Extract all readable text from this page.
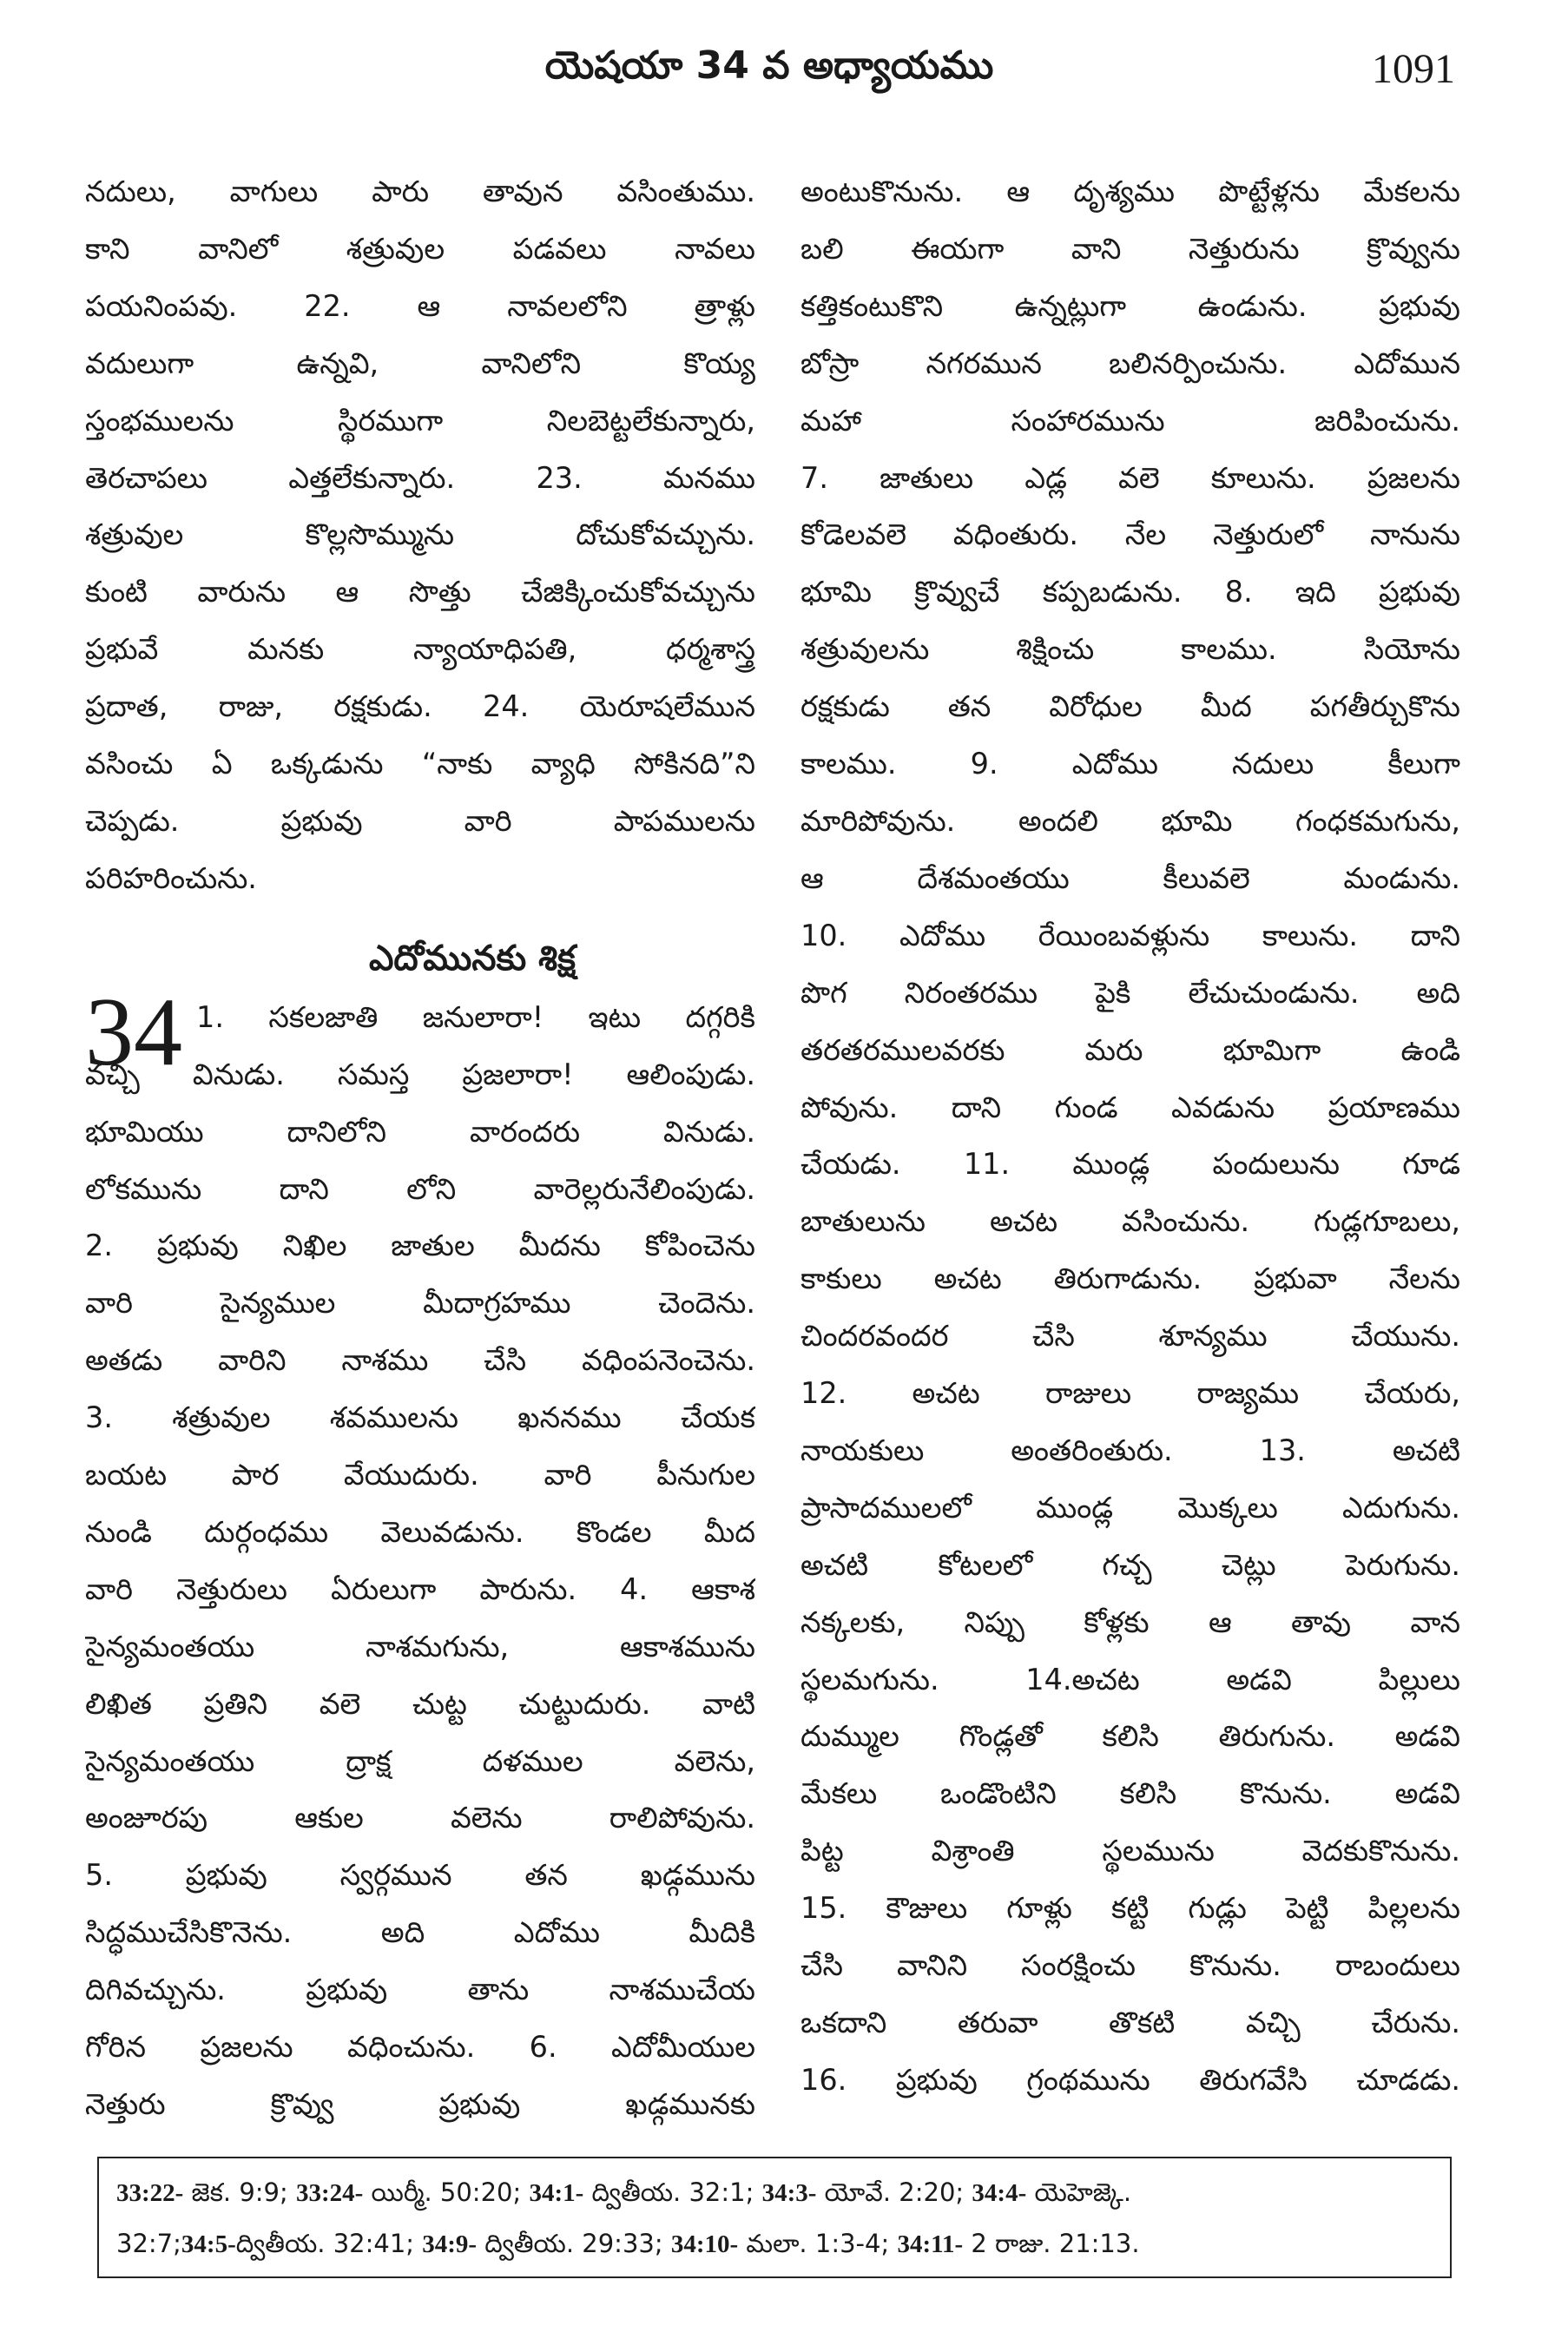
యెషయా 34 వ అధ్యాయము	1091
నదులు, వాగులు పారు తావున వసింతుము.
కాని వానిలో శత్రువుల పడవలు నావలు
పయనింపవు. 22. ఆ నావలలోని త్రాళ్లు
వదులుగా ఉన్నవి, వానిలోని కొయ్య
స్తంభములను స్థిరముగా నిలబెట్టలేకున్నారు,
తెరచాపలు ఎత్తలేకున్నారు. 23. మనము
శత్రువుల కొల్లసొమ్మును దోచుకోవచ్చును.
కుంటి వారును ఆ సొత్తు చేజిక్కించుకోవచ్చును
ప్రభువే మనకు న్యాయాధిపతి, ధర్మశాస్త్ర
ప్రదాత, రాజు, రక్షకుడు. 24. యెరూషలేమున
వసించు ఏ ఒక్కడును “నాకు వ్యాధి సోకినది”ని
చెప్పడు. ప్రభువు వారి పాపములను
పరిహరించును.
ఎదోమునకు శిక్ష
34 1. సకలజాతి జనులారా! ఇటు దగ్గరికి
వచ్చి వినుడు. సమస్త ప్రజలారా! ఆలింపుడు.
భూమియు దానిలోని వారందరు వినుడు.
లోకమును దాని లోని వారెల్లరునేలింపుడు.
2. ప్రభువు నిఖిల జాతుల మీదను కోపించెను
వారి సైన్యముల మీదాగ్రహము చెందెను.
అతడు వారిని నాశము చేసి వధింపనెంచెను.
3. శత్రువుల శవములను ఖననము చేయక
బయట పార వేయుదురు. వారి పీనుగుల
నుండి దుర్గంధము వెలువడును. కొండల మీద
వారి నెత్తురులు ఏరులుగా పారును. 4. ఆకాశ
సైన్యమంతయు నాశమగును, ఆకాశమును
లిఖిత ప్రతిని వలె చుట్ట చుట్టుదురు. వాటి
సైన్యమంతయు ద్రాక్ష దళముల వలెను,
అంజూరపు ఆకుల వలెను రాలిపోవును.
5. ప్రభువు స్వర్గమున తన ఖడ్గమును
సిద్ధముచేసికొనెను. అది ఎదోము మీదికి
దిగివచ్చును. ప్రభువు తాను నాశముచేయ
గోరిన ప్రజలను వధించును. 6. ఎదోమీయుల
నెత్తురు క్రొవ్వు ప్రభువు ఖడ్గమునకు
అంటుకొనును. ఆ దృశ్యము పొట్టేళ్లను మేకలను
బలి ఈయగా వాని నెత్తురును క్రొవ్వును
కత్తికంటుకొని ఉన్నట్లుగా ఉండును. ప్రభువు
బోస్రా నగరమున బలినర్పించును. ఎదోమున
మహా సంహారమును జరిపించును.
7. జాతులు ఎడ్ల వలె కూలును. ప్రజలను
కోడెలవలె వధింతురు. నేల నెత్తురులో నానును
భూమి క్రొవ్వుచే కప్పబడును. 8. ఇది ప్రభువు
శత్రువులను శిక్షించు కాలము. సియోను
రక్షకుడు తన విరోధుల మీద పగతీర్చుకొను
కాలము. 9. ఎదోము నదులు కీలుగా
మారిపోవును. అందలి భూమి గంధకమగును,
ఆ దేశమంతయు కీలువలె మండును.
10. ఎదోము రేయింబవళ్లును కాలును. దాని
పొగ నిరంతరము పైకి లేచుచుండును. అది
తరతరములవరకు మరు భూమిగా ఉండి
పోవును. దాని గుండ ఎవడును ప్రయాణము
చేయడు. 11. ముండ్ల పందులును గూడ
బాతులును అచట వసించును. గుడ్లగూబలు,
కాకులు అచట తిరుగాడును. ప్రభువా నేలను
చిందరవందర చేసి శూన్యము చేయును.
12. అచట రాజులు రాజ్యము చేయరు,
నాయకులు అంతరింతురు. 13. అచటి
ప్రాసాదములలో ముండ్ల మొక్కలు ఎదుగును.
అచటి కోటలలో గచ్చ చెట్లు పెరుగును.
నక్కలకు, నిప్పు కోళ్లకు ఆ తావు వాన
స్థలమగును. 14.అచట అడవి పిల్లులు
దుమ్ముల గొండ్లతో కలిసి తిరుగును. అడవి
మేకలు ఒండొంటిని కలిసి కొనును. అడవి
పిట్ట విశ్రాంతి స్థలమును వెదకుకొనును.
15. కౌజులు గూళ్లు కట్టి గుడ్లు పెట్టి పిల్లలను
చేసి వానిని సంరక్షించు కొనును. రాబందులు
ఒకదాని తరువా తొకటి వచ్చి చేరును.
16. ప్రభువు గ్రంథమును తిరుగవేసి చూడడు.
33:22- జెక. 9:9; 33:24- యిర్మీ. 50:20; 34:1- ద్వితీయ. 32:1; 34:3- యోవే. 2:20; 34:4- యెహెజ్కె.
32:7;34:5-ద్వితీయ. 32:41; 34:9- ద్వితీయ. 29:33; 34:10- మలా. 1:3-4; 34:11- 2 రాజు. 21:13.
